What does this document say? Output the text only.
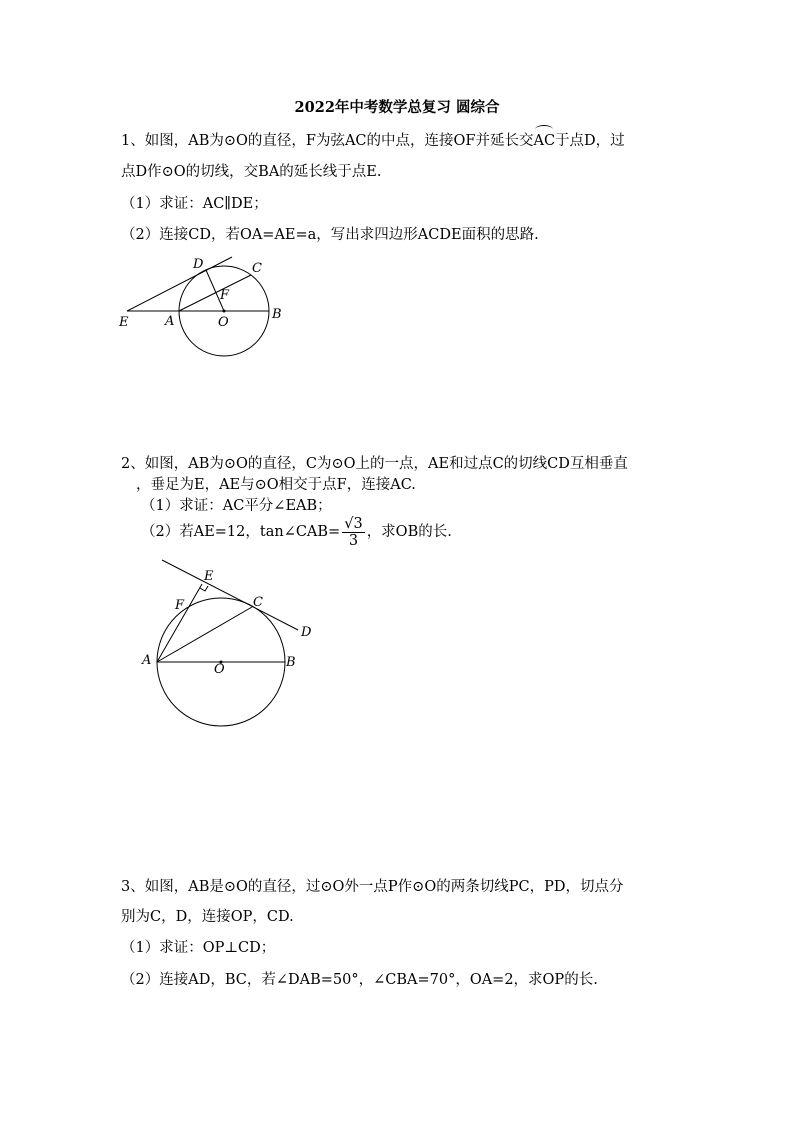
2022年中考数学总复习 圆综合
1、如图，AB为⊙O的直径，F为弦AC的中点，连接OF并延长交AC于点D，过
点D作⊙O的切线，交BA的延长线于点E.
（1）求证：AC∥DE；
（2）连接CD，若OA=AE=a，写出求四边形ACDE面积的思路.
D	C
F
E	A	O
B
E
F	C
D
A
O	B
2、如图，AB为⊙O的直径，C为⊙O上的一点，AE和过点C的切线CD互相垂直
，垂足为E，AE与⊙O相交于点F，连接AC.
（1）求证：AC平分∠EAB；
（2）若AE=12，tan∠CAB= $\frac{√3}{3}$ ，求OB的长.
3、如图，AB是⊙O的直径，过⊙O外一点P作⊙O的两条切线PC，PD，切点分
别为C，D，连接OP，CD.
（1）求证：OP⊥CD；
（2）连接AD，BC，若∠DAB=50°，∠CBA=70°，OA=2，求OP的长.
